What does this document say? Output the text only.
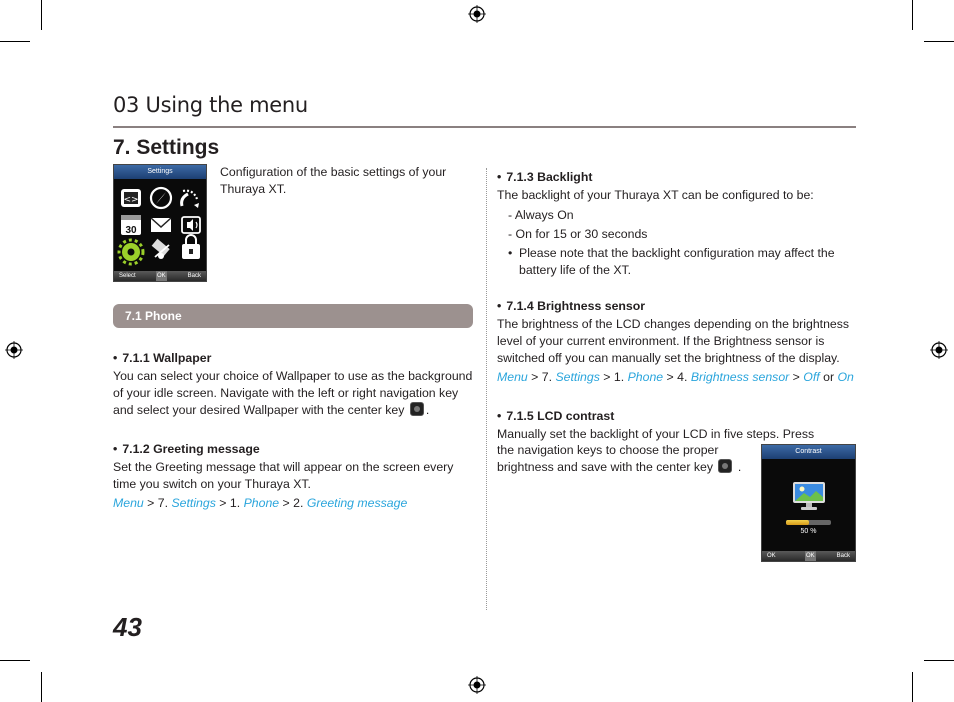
03 Using the menu
7. Settings
Settings
<>
30
Select	OK	Back
Configuration of the basic settings of your Thuraya XT.
7.1 Phone
• 7.1.1 Wallpaper
You can select your choice of Wallpaper to use as the background of your idle screen. Navigate with the left or right navigation key and select your desired Wallpaper with the center key .
• 7.1.2 Greeting message
Set the Greeting message that will appear on the screen every time you switch on your Thuraya XT.
Menu > 7. Settings > 1. Phone > 2. Greeting message
• 7.1.3 Backlight
The backlight of your Thuraya XT can be configured to be:
- Always On
- On for 15 or 30 seconds
• Please note that the backlight configuration may affect the battery life of the XT.
• 7.1.4 Brightness sensor
The brightness of the LCD changes depending on the brightness level of your current environment. If the Brightness sensor is switched off you can manually set the brightness of the display.
Menu > 7. Settings > 1. Phone > 4. Brightness sensor > Off or On
• 7.1.5 LCD contrast
Manually set the backlight of your LCD in five steps. Press
the navigation keys to choose the proper
brightness and save with the center key  .
Contrast
50 %
OK	OK	Back
43
